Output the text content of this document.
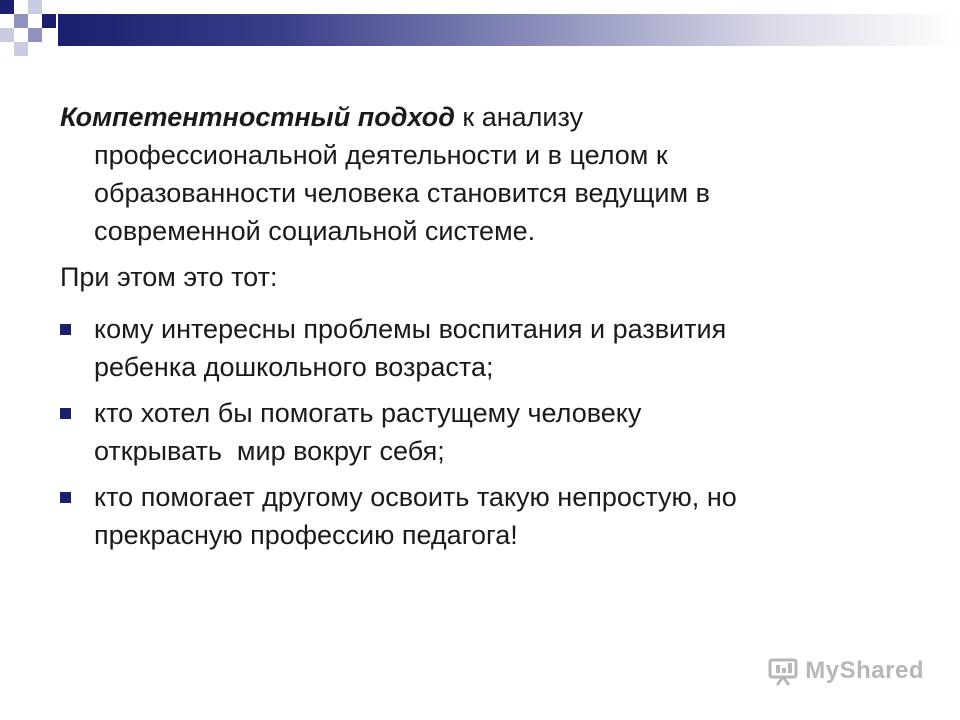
Компетентностный подход к анализу
профессиональной деятельности и в целом к
образованности человека становится ведущим в
современной социальной системе.

При этом это тот:

кому интересны проблемы воспитания и развития
ребенка дошкольного возраста;
кто хотел бы помогать растущему человеку
открывать  мир вокруг себя;
кто помогает другому освоить такую непростую, но
прекрасную профессию педагога!
MyShared
